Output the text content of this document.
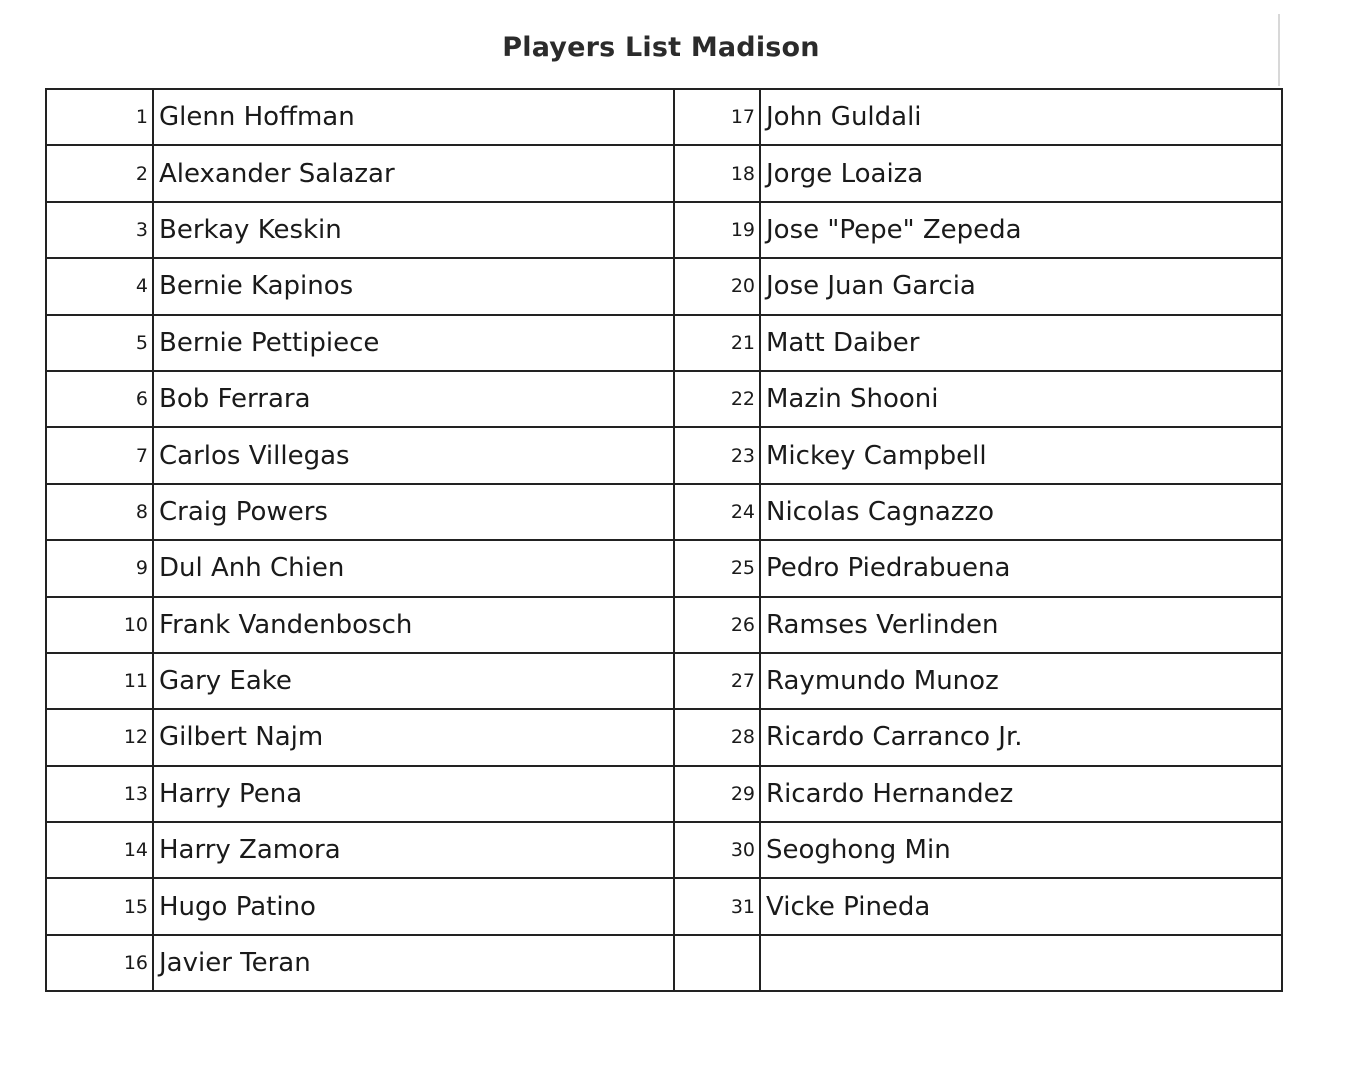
Players List Madison
1	Glenn Hoffman	17	John Guldali
2	Alexander Salazar	18	Jorge Loaiza
3	Berkay Keskin	19	Jose "Pepe" Zepeda
4	Bernie Kapinos	20	Jose Juan Garcia
5	Bernie Pettipiece	21	Matt Daiber
6	Bob Ferrara	22	Mazin Shooni
7	Carlos Villegas	23	Mickey Campbell
8	Craig Powers	24	Nicolas Cagnazzo
9	Dul Anh Chien	25	Pedro Piedrabuena
10	Frank Vandenbosch	26	Ramses Verlinden
11	Gary Eake	27	Raymundo Munoz
12	Gilbert Najm	28	Ricardo Carranco Jr.
13	Harry Pena	29	Ricardo Hernandez
14	Harry Zamora	30	Seoghong Min
15	Hugo Patino	31	Vicke Pineda
16	Javier Teran		
